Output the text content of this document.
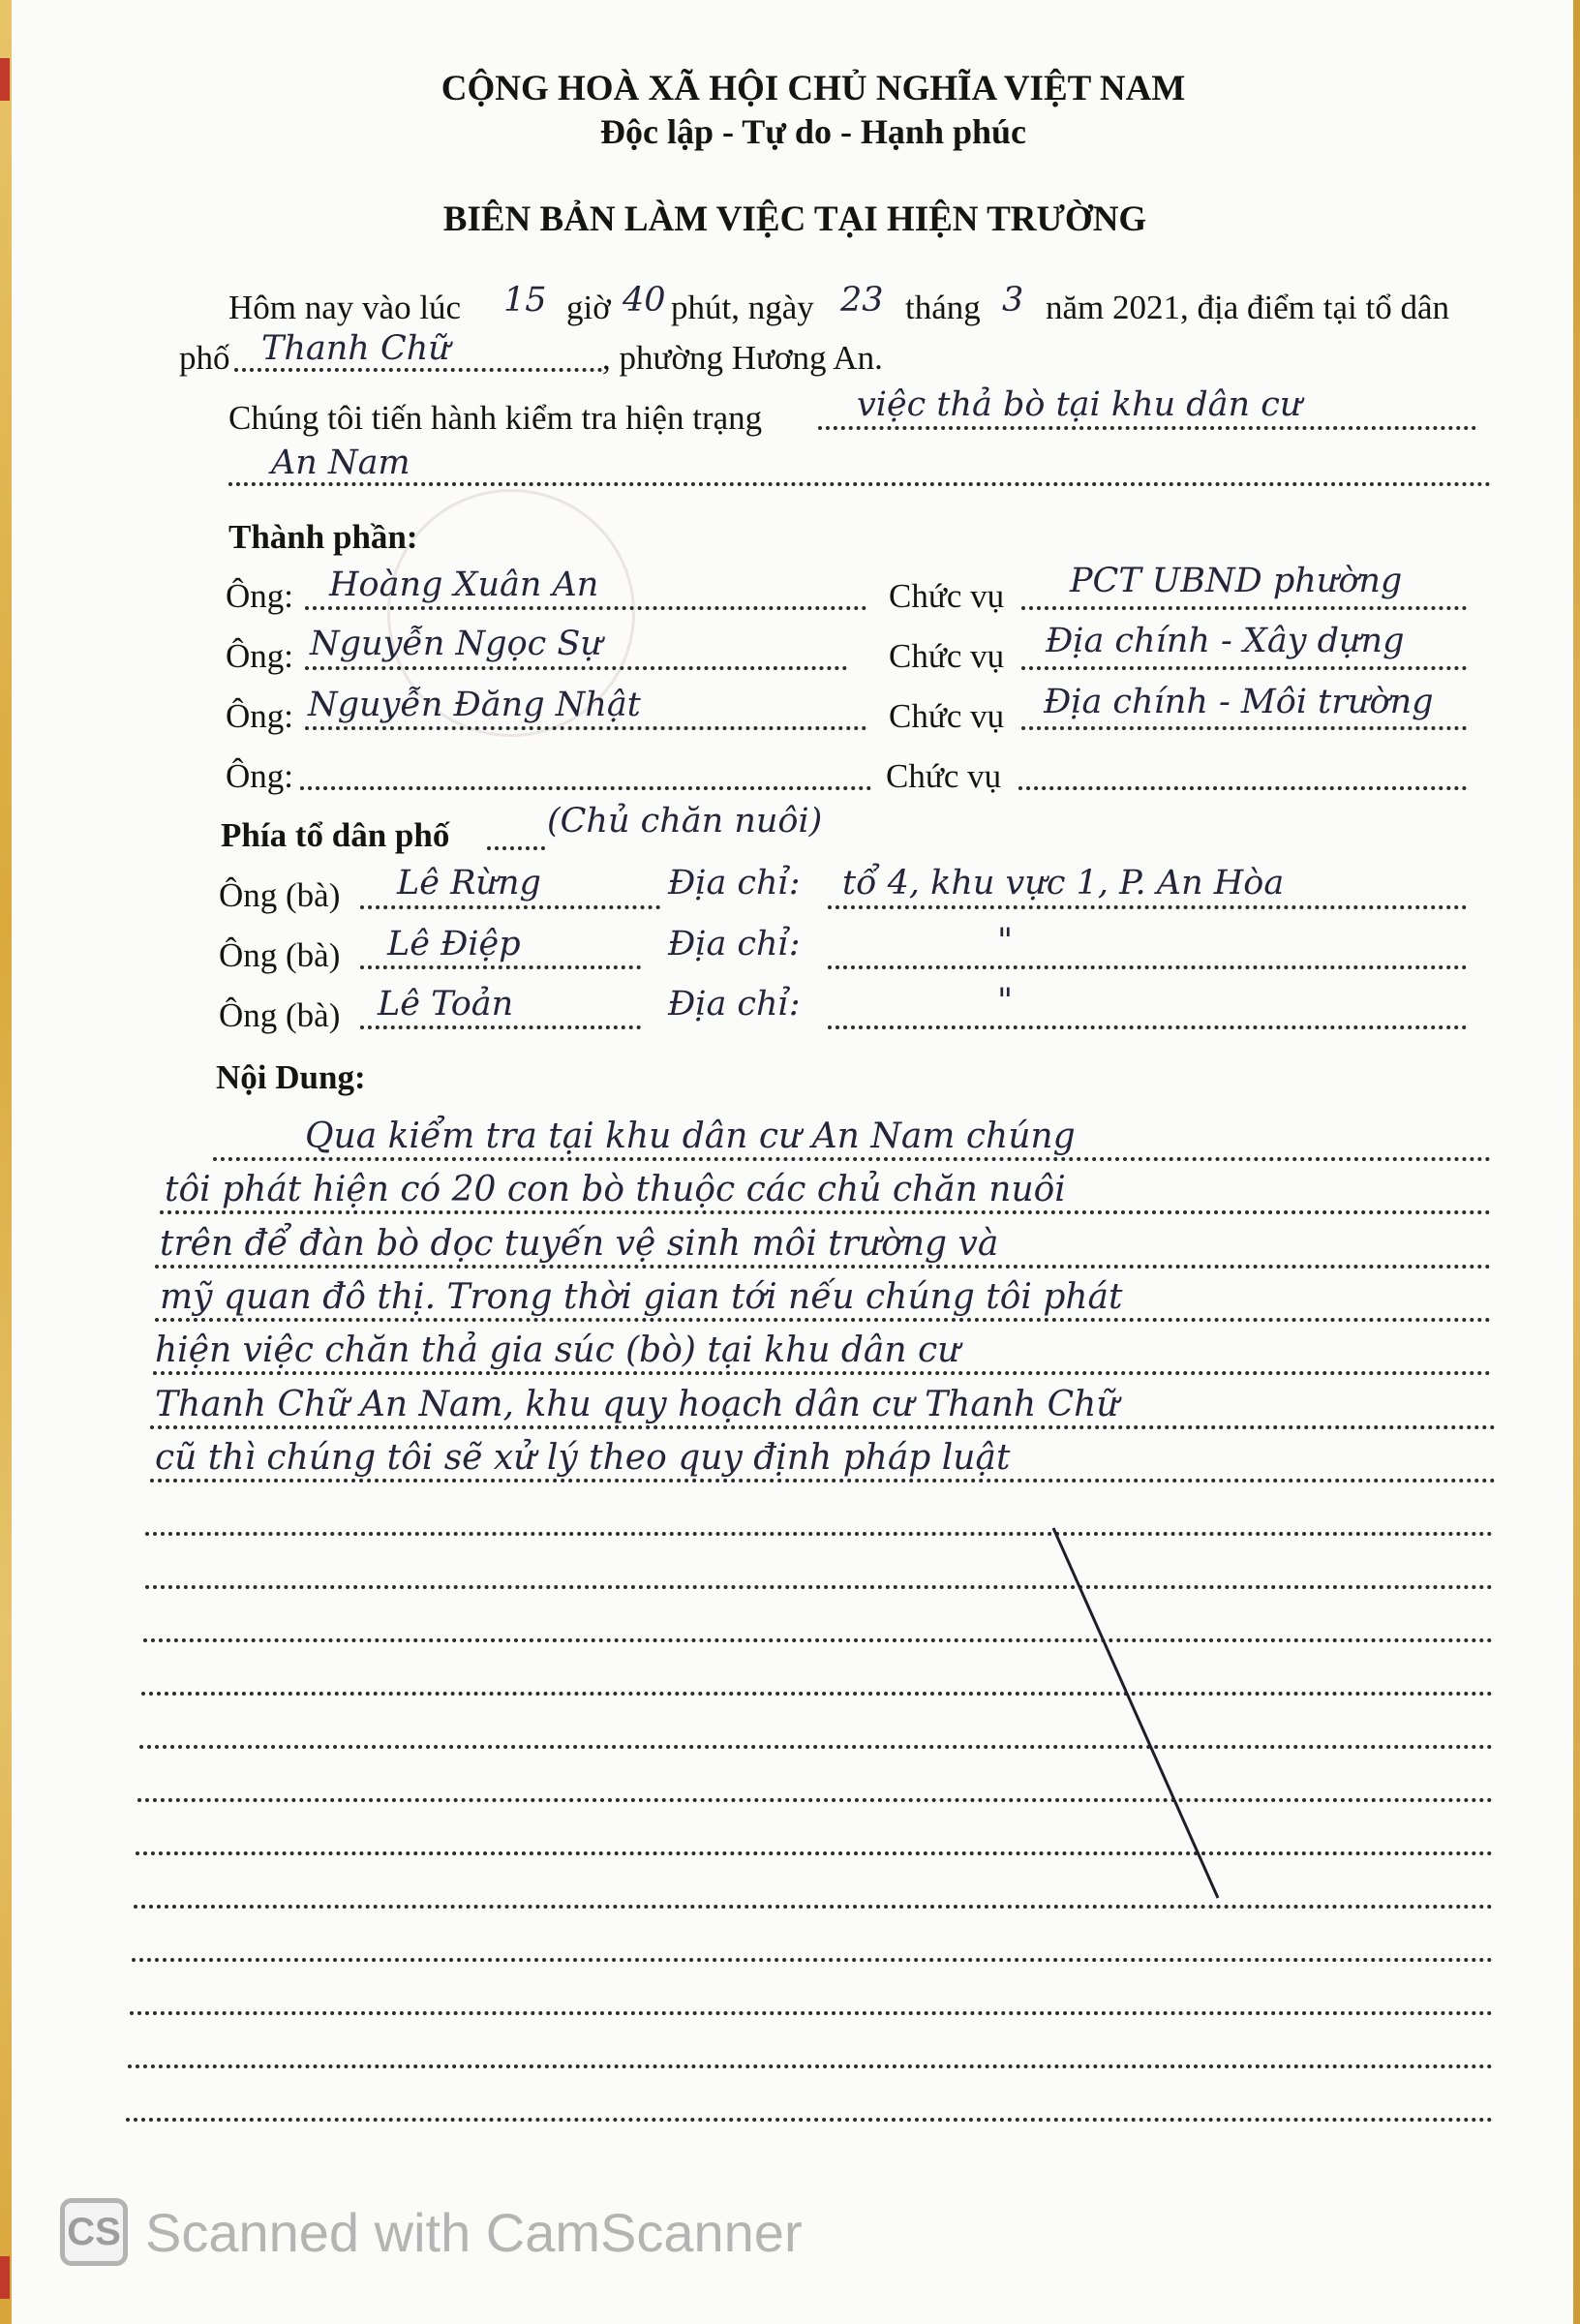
CỘNG HOÀ XÃ HỘI CHỦ NGHĨA VIỆT NAM
Độc lập - Tự do - Hạnh phúc
BIÊN BẢN LÀM VIỆC TẠI HIỆN TRƯỜNG
Hôm nay vào lúc 15 giờ 40 phút, ngày 23 tháng 3 năm 2021, địa điểm tại tổ dân
phố Thanh Chữ	, phường Hương An.
Chúng tôi tiến hành kiểm tra hiện trạng	việc thả bò tại khu dân cư
An Nam
Thành phần:
Ông: Hoàng Xuân An	Chức vụ PCT UBND phường
Ông: Nguyễn Ngọc Sự	Chức vụ Địa chính - Xây dựng
Ông: Nguyễn Đăng Nhật	Chức vụ Địa chính - Môi trường
Ông:	Chức vụ
Phía tổ dân phố	(Chủ chăn nuôi)
Ông (bà) Lê Rừng	Địa chỉ: tổ 4, khu vực 1, P. An Hòa
Ông (bà) Lê Điệp	Địa chỉ:	"
Ông (bà) Lê Toản	Địa chỉ:	"
Nội Dung:
Qua kiểm tra tại khu dân cư An Nam chúng
tôi phát hiện có 20 con bò thuộc các chủ chăn nuôi
trên để đàn bò dọc tuyến vệ sinh môi trường và
mỹ quan đô thị. Trong thời gian tới nếu chúng tôi phát
hiện việc chăn thả gia súc (bò) tại khu dân cư
Thanh Chữ An Nam, khu quy hoạch dân cư Thanh Chữ
cũ thì chúng tôi sẽ xử lý theo quy định pháp luật
CS Scanned with CamScanner
